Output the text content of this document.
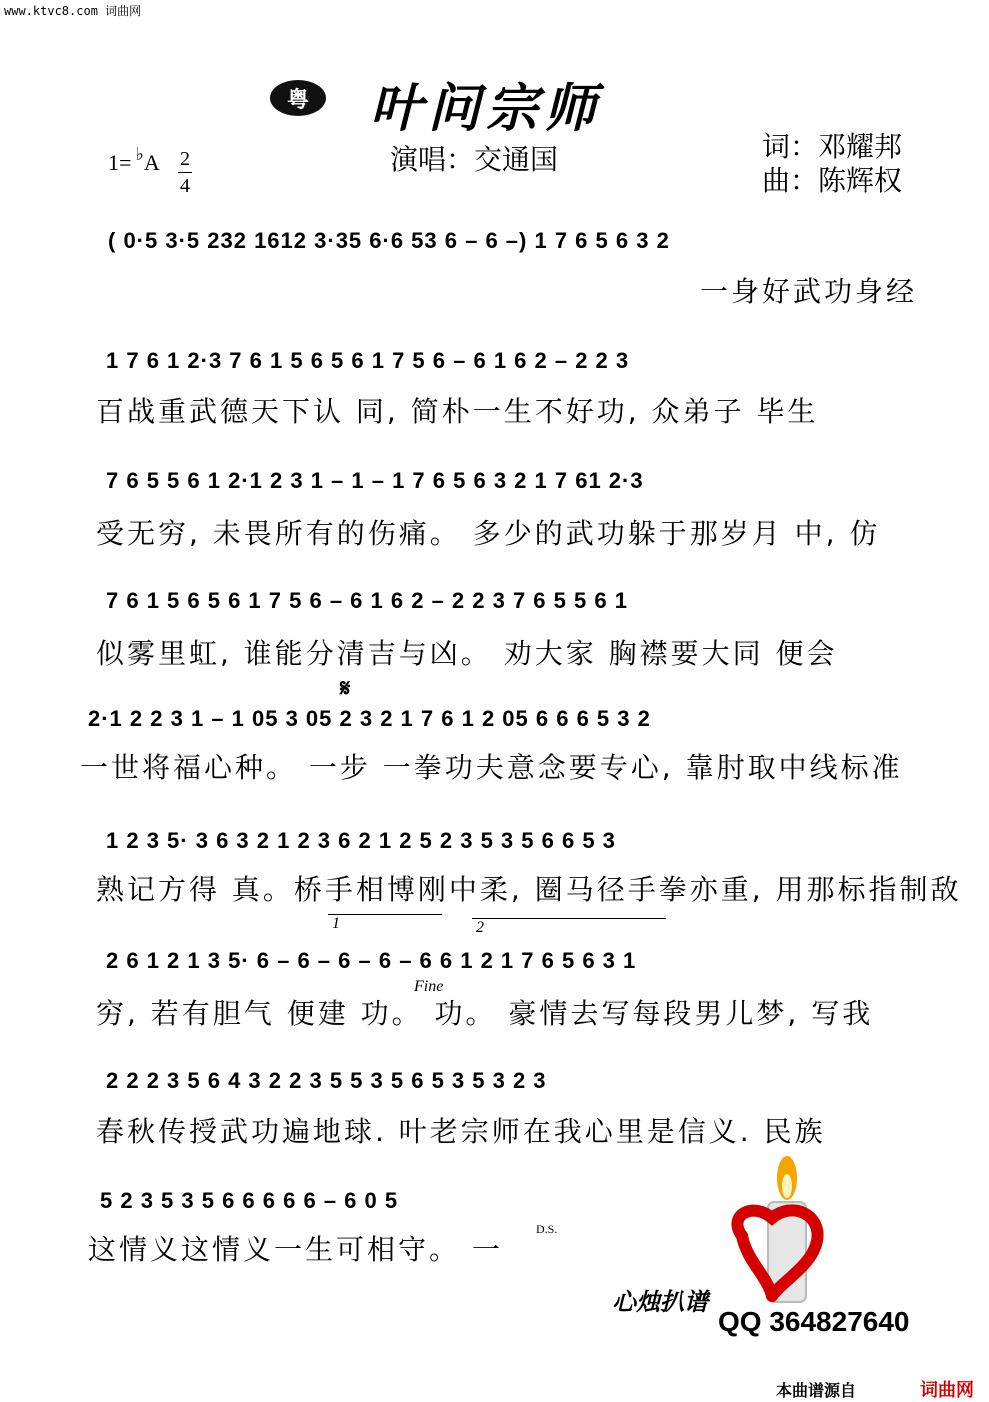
www.ktvc8.com 词曲网
粤	叶问宗师
1= ♭A 2
4
演唱：交通国	词：邓耀邦
曲：陈辉权
( 0·5 3·5 232 1612 3·35 6·6 53 6 – 6 –) 1 7 6 5 6 3 2
一身好武功身经
1 7 6 1 2·3 7 6 1 5 6 5 6 1 7 5 6 – 6 1 6 2 – 2 2 3
百战重武德天下认 同, 简朴一生不好功, 众弟子 毕生
7 6 5 5 6 1 2·1 2 3 1 – 1 – 1 7 6 5 6 3 2 1 7 61 2·3
受无穷, 未畏所有的伤痛。 多少的武功躲于那岁月 中, 仿
7 6 1 5 6 5 6 1 7 5 6 – 6 1 6 2 – 2 2 3 7 6 5 5 6 1
似雾里虹, 谁能分清吉与凶。 劝大家 胸襟要大同 便会
𝄋
2·1 2 2 3 1 – 1 05 3 05 2 3 2 1 7 6 1 2 05 6 6 6 5 3 2
一世将福心种。 一步 一拳功夫意念要专心, 靠肘取中线标准
1 2 3 5· 3 6 3 2 1 2 3 6 2 1 2 5 2 3 5 3 5 6 6 5 3
熟记方得 真。桥手相博刚中柔, 圈马径手拳亦重, 用那标指制敌
1	2
2 6 1 2 1 3 5· 6 – 6 – 6 – 6 – 6 6 1 2 1 7 6 5 6 3 1
Fine
穷, 若有胆气 便建 功。 功。 豪情去写每段男儿梦, 写我
2 2 2 3 5 6 4 3 2 2 3 5 5 3 5 6 5 3 5 3 2 3
春秋传授武功遍地球. 叶老宗师在我心里是信义. 民族
5 2 3 5 3 5 6 6 6 6 6 – 6 0 5
D.S.
这情义这情义一生可相守。 一
心烛扒谱
QQ 364827640
本曲谱源自	词曲网
